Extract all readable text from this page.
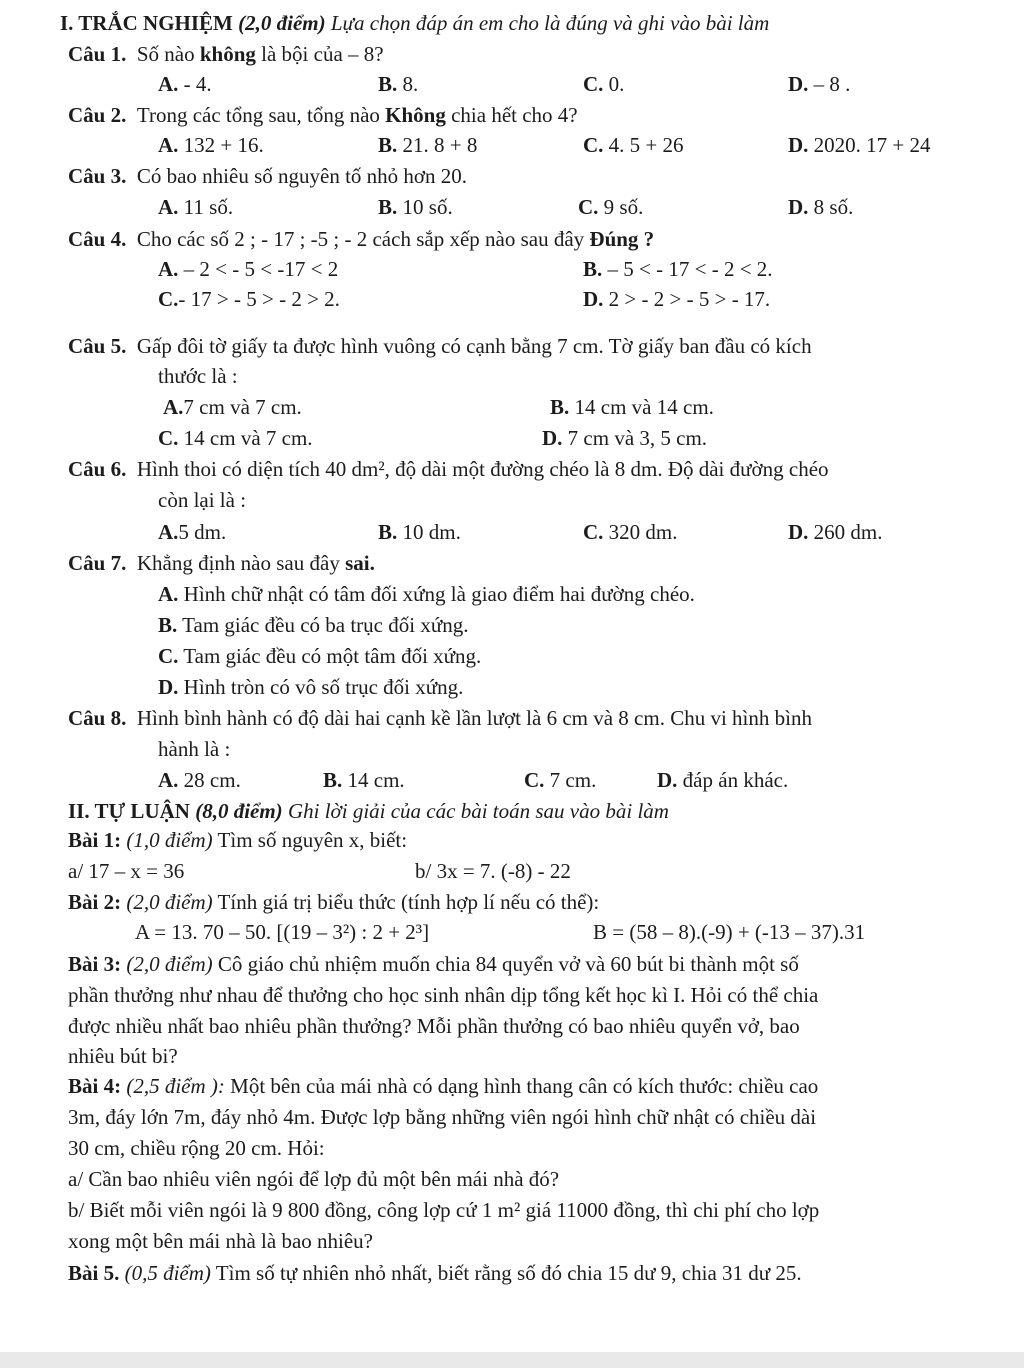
I. TRẮC NGHIỆM (2,0 điểm) Lựa chọn đáp án em cho là đúng và ghi vào bài làm
Câu 1. Số nào không là bội của – 8?
A. - 4.	B. 8.	C. 0.	D. – 8 .
Câu 2. Trong các tổng sau, tổng nào Không chia hết cho 4?
A. 132 + 16.	B. 21. 8 + 8	C. 4. 5 + 26	D. 2020. 17 + 24
Câu 3. Có bao nhiêu số nguyên tố nhỏ hơn 20.
A. 11 số.	B. 10 số.	C. 9 số.	D. 8 số.
Câu 4. Cho các số 2 ; - 17 ; -5 ; - 2 cách sắp xếp nào sau đây Đúng ?
A. – 2 < - 5 < -17 < 2	B. – 5 < - 17 < - 2 < 2.
C.- 17 > - 5 > - 2 > 2.	D. 2 > - 2 > - 5 > - 17.
Câu 5. Gấp đôi tờ giấy ta được hình vuông có cạnh bằng 7 cm. Tờ giấy ban đầu có kích
thước là :
A.7 cm và 7 cm.	B. 14 cm và 14 cm.
C. 14 cm và 7 cm.	D. 7 cm và 3, 5 cm.
Câu 6. Hình thoi có diện tích 40 dm², độ dài một đường chéo là 8 dm. Độ dài đường chéo
còn lại là :
A.5 dm.	B. 10 dm.	C. 320 dm.	D. 260 dm.
Câu 7. Khẳng định nào sau đây sai.
A. Hình chữ nhật có tâm đối xứng là giao điểm hai đường chéo.
B. Tam giác đều có ba trục đối xứng.
C. Tam giác đều có một tâm đối xứng.
D. Hình tròn có vô số trục đối xứng.
Câu 8. Hình bình hành có độ dài hai cạnh kề lần lượt là 6 cm và 8 cm. Chu vi hình bình
hành là :
A. 28 cm.	B. 14 cm.	C. 7 cm.	D. đáp án khác.
II. TỰ LUẬN (8,0 điểm) Ghi lời giải của các bài toán sau vào bài làm
Bài 1: (1,0 điểm) Tìm số nguyên x, biết:
a/ 17 – x = 36	b/ 3x = 7. (-8) - 22
Bài 2: (2,0 điểm) Tính giá trị biểu thức (tính hợp lí nếu có thể):
A = 13. 70 – 50. [(19 – 3²) : 2 + 2³]	B = (58 – 8).(-9) + (-13 – 37).31
Bài 3: (2,0 điểm) Cô giáo chủ nhiệm muốn chia 84 quyển vở và 60 bút bi thành một số
phần thưởng như nhau để thưởng cho học sinh nhân dịp tổng kết học kì I. Hỏi có thể chia
được nhiều nhất bao nhiêu phần thưởng? Mỗi phần thưởng có bao nhiêu quyển vở, bao
nhiêu bút bi?
Bài 4: (2,5 điểm ): Một bên của mái nhà có dạng hình thang cân có kích thước: chiều cao
3m, đáy lớn 7m, đáy nhỏ 4m. Được lợp bằng những viên ngói hình chữ nhật có chiều dài
30 cm, chiều rộng 20 cm. Hỏi:
a/ Cần bao nhiêu viên ngói để lợp đủ một bên mái nhà đó?
b/ Biết mỗi viên ngói là 9 800 đồng, công lợp cứ 1 m² giá 11000 đồng, thì chi phí cho lợp
xong một bên mái nhà là bao nhiêu?
Bài 5. (0,5 điểm) Tìm số tự nhiên nhỏ nhất, biết rằng số đó chia 15 dư 9, chia 31 dư 25.
